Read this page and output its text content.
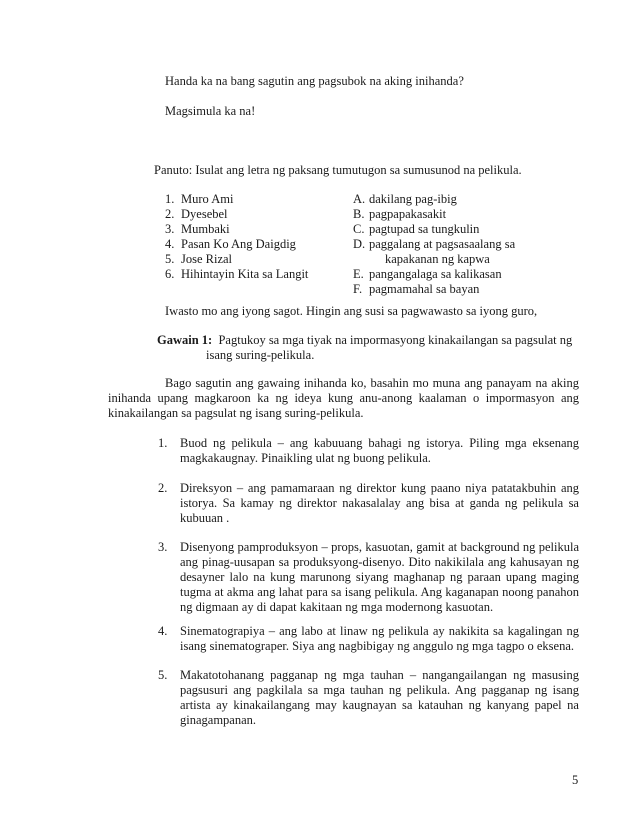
Handa ka na bang sagutin ang pagsubok na aking inihanda?
Magsimula ka na!
Panuto: Isulat ang letra ng paksang tumutugon sa sumusunod na pelikula.
1. Muro Ami
2. Dyesebel
3. Mumbaki
4. Pasan Ko Ang Daigdig
5. Jose Rizal
6. Hihintayin Kita sa Langit
A. dakilang pag-ibig
B. pagpapakasakit
C. pagtupad sa tungkulin
D. paggalang at pagsasaalang sa
kapakanan ng kapwa
E. pangangalaga sa kalikasan
F. pagmamahal sa bayan
Iwasto mo ang iyong sagot. Hingin ang susi sa pagwawasto sa iyong guro,
Gawain 1: Pagtukoy sa mga tiyak na impormasyong kinakailangan sa pagsulat ng
isang suring-pelikula.
Bago sagutin ang gawaing inihanda ko, basahin mo muna ang panayam na aking inihanda upang magkaroon ka ng ideya kung anu-anong kaalaman o impormasyon ang kinakailangan sa pagsulat ng isang suring-pelikula.
1.	Buod ng pelikula – ang kabuuang bahagi ng istorya. Piling mga eksenang magkakaugnay. Pinaikling ulat ng buong pelikula.
2.	Direksyon – ang pamamaraan ng direktor kung paano niya patatakbuhin ang istorya. Sa kamay ng direktor nakasalalay ang bisa at ganda ng pelikula sa kubuuan .
3.	Disenyong pamproduksyon – props, kasuotan, gamit at background ng pelikula ang pinag-uusapan sa produksyong-disenyo. Dito nakikilala ang kahusayan ng desayner lalo na kung marunong siyang maghanap ng paraan upang maging tugma at akma ang lahat para sa isang pelikula. Ang kaganapan noong panahon ng digmaan ay di dapat kakitaan ng mga modernong kasuotan.
4.	Sinematograpiya – ang labo at linaw ng pelikula ay nakikita sa kagalingan ng isang sinematograper. Siya ang nagbibigay ng anggulo ng mga tagpo o eksena.
5.	Makatotohanang pagganap ng mga tauhan – nangangailangan ng masusing pagsusuri ang pagkilala sa mga tauhan ng pelikula. Ang pagganap ng isang artista ay kinakailangang may kaugnayan sa katauhan ng kanyang papel na ginagampanan.
5
